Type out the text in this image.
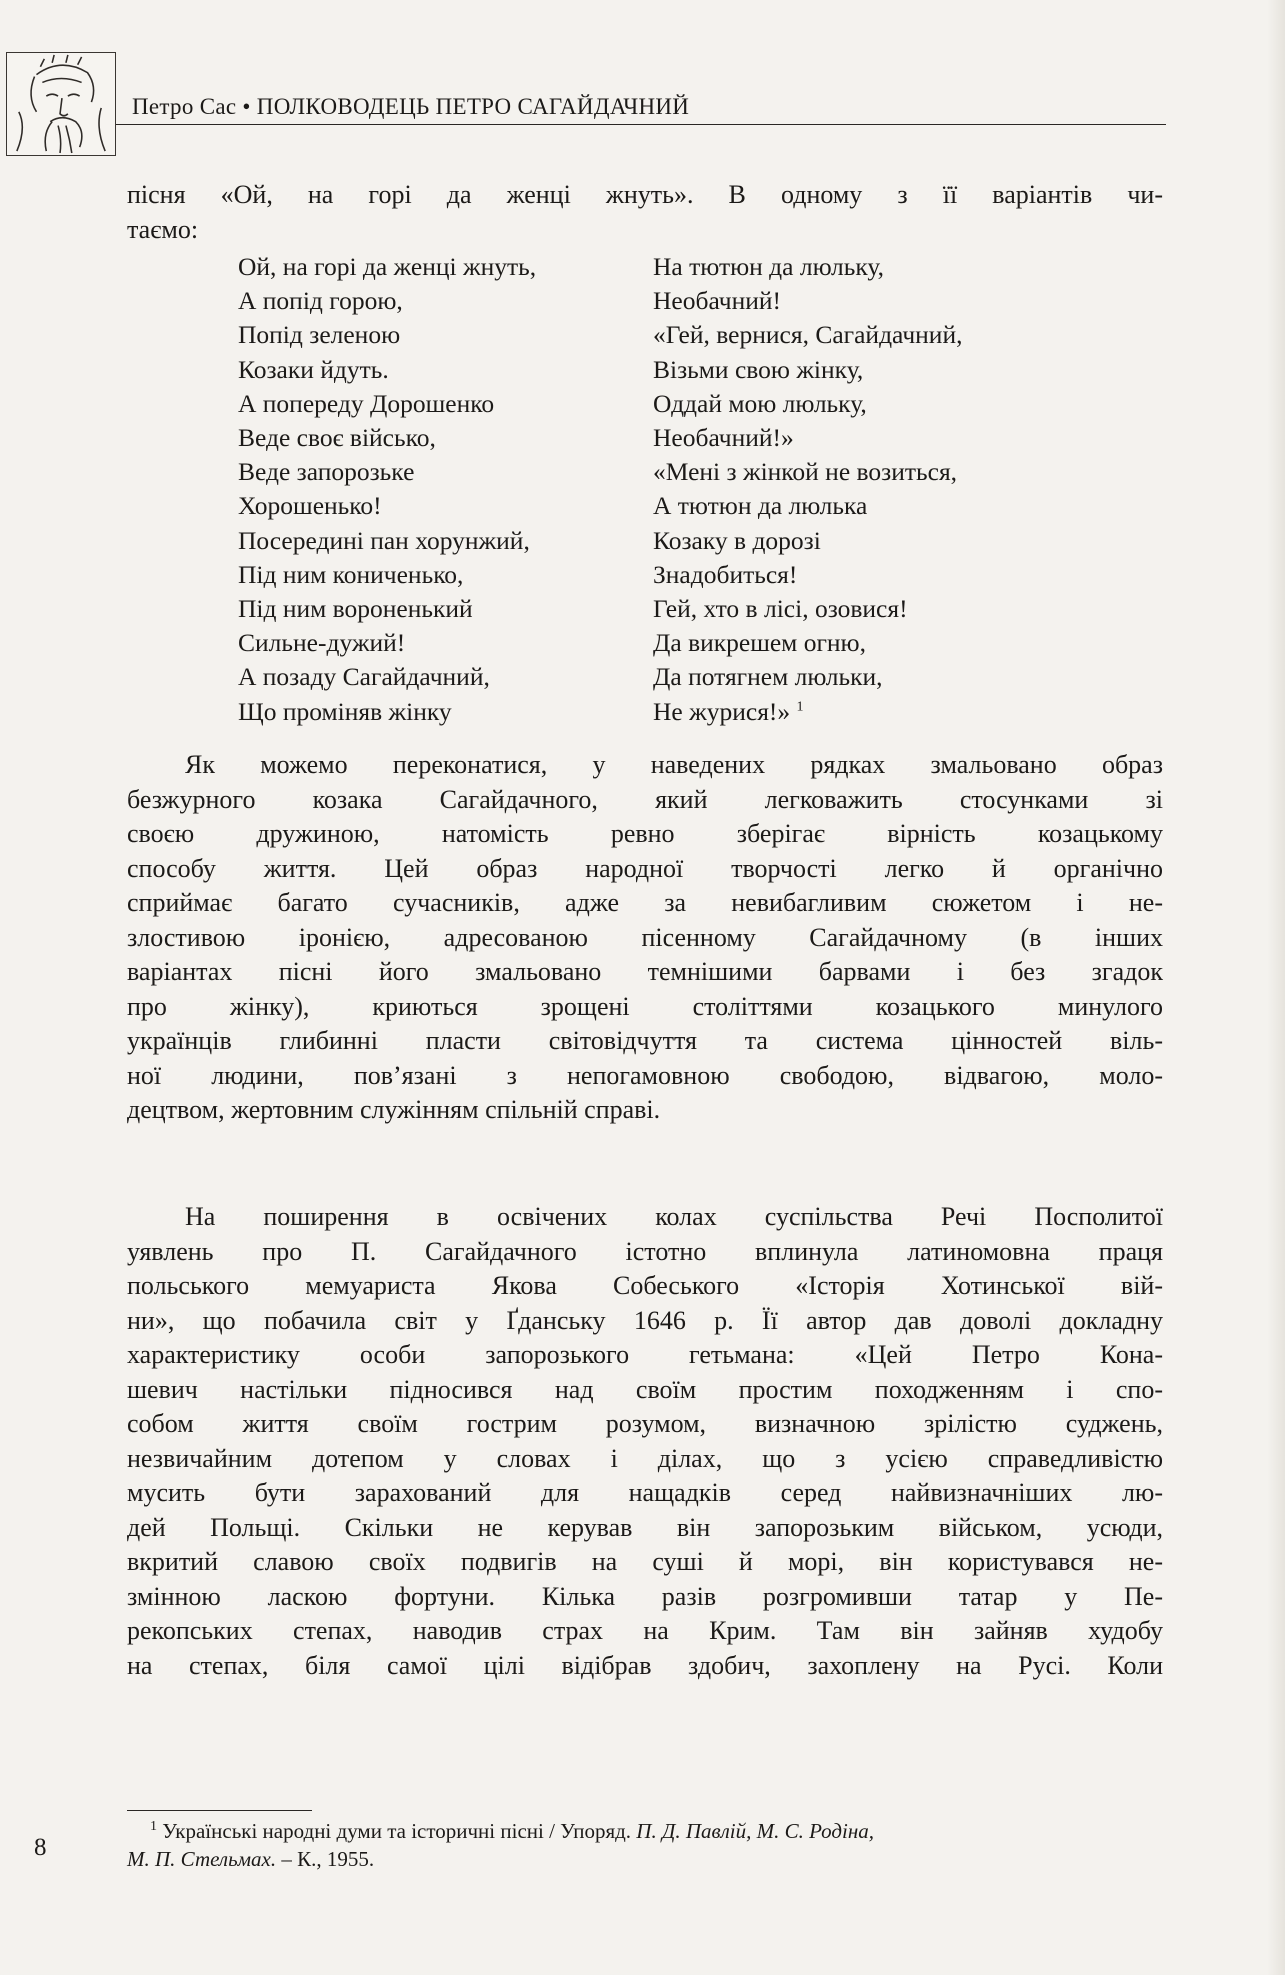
Петро Сас • ПОЛКОВОДЕЦЬ ПЕТРО САГАЙДАЧНИЙ
пісня «Ой, на горі да женці жнуть». В одному з її варіантів чи-
таємо:
Ой, на горі да женці жнуть,
А попід горою,
Попід зеленою
Козаки йдуть.
А попереду Дорошенко
Веде своє військо,
Веде запорозьке
Хорошенько!
Посередині пан хорунжий,
Під ним кониченько,
Під ним вороненький
Сильне-дужий!
А позаду Сагайдачний,
Що проміняв жінку
На тютюн да люльку,
Необачний!
«Гей, вернися, Сагайдачний,
Візьми свою жінку,
Оддай мою люльку,
Необачний!»
«Мені з жінкой не возиться,
А тютюн да люлька
Козаку в дорозі
Знадобиться!
Гей, хто в лісі, озовися!
Да викрешем огню,
Да потягнем люльки,
Не журися!» $^1$
Як можемо переконатися, у наведених рядках змальовано образ
безжурного козака Сагайдачного, який легковажить стосунками зі
своєю дружиною, натомість ревно зберігає вірність козацькому
способу життя. Цей образ народної творчості легко й органічно
сприймає багато сучасників, адже за невибагливим сюжетом і не-
злостивою іронією, адресованою пісенному Сагайдачному (в інших
варіантах пісні його змальовано темнішими барвами і без згадок
про жінку), криються зрощені століттями козацького минулого
українців глибинні пласти світовідчуття та система цінностей віль-
ної людини, пов’язані з непогамовною свободою, відвагою, моло-
децтвом, жертовним служінням спільній справі.
На поширення в освічених колах суспільства Речі Посполитої
уявлень про П. Сагайдачного істотно вплинула латиномовна праця
польського мемуариста Якова Собеського «Історія Хотинської вій-
ни», що побачила світ у Ґданську 1646 р. Її автор дав доволі докладну
характеристику особи запорозького гетьмана: «Цей Петро Кона-
шевич настільки підносився над своїм простим походженням і спо-
собом життя своїм гострим розумом, визначною зрілістю суджень,
незвичайним дотепом у словах і ділах, що з усією справедливістю
мусить бути зарахований для нащадків серед найвизначніших лю-
дей Польщі. Скільки не керував він запорозьким військом, усюди,
вкритий славою своїх подвигів на суші й морі, він користувався не-
змінною ласкою фортуни. Кілька разів розгромивши татар у Пе-
рекопських степах, наводив страх на Крим. Там він зайняв худобу
на степах, біля самої цілі відібрав здобич, захоплену на Русі. Коли
$^1$ Українські народні думи та історичні пісні / Упоряд. П. Д. Павлій, М. С. Родіна,
М. П. Стельмах. – К., 1955.
8
